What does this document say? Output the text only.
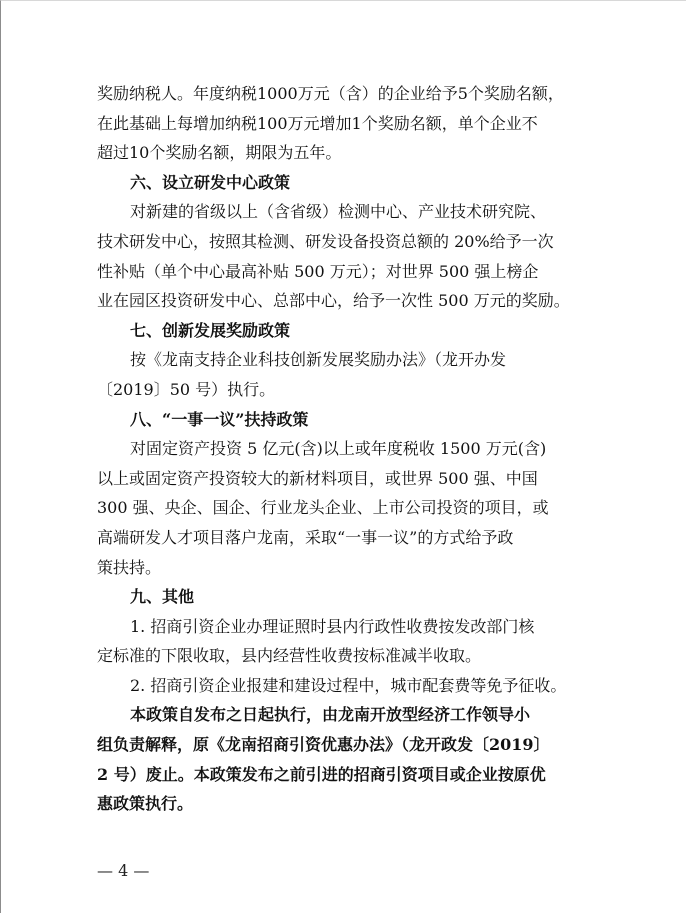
奖励纳税人。年度纳税1000万元（含）的企业给予5个奖励名额，
在此基础上每增加纳税100万元增加1个奖励名额，单个企业不
超过10个奖励名额，期限为五年。
六、设立研发中心政策
对新建的省级以上（含省级）检测中心、产业技术研究院、
技术研发中心，按照其检测、研发设备投资总额的 20%给予一次
性补贴（单个中心最高补贴 500 万元）；对世界 500 强上榜企
业在园区投资研发中心、总部中心，给予一次性 500 万元的奖励。
七、创新发展奖励政策
按《龙南支持企业科技创新发展奖励办法》（龙开办发
〔2019〕50 号）执行。
八、“一事一议”扶持政策
对固定资产投资 5 亿元(含)以上或年度税收 1500 万元(含)
以上或固定资产投资较大的新材料项目，或世界 500 强、中国
300 强、央企、国企、行业龙头企业、上市公司投资的项目，或
高端研发人才项目落户龙南，采取“一事一议”的方式给予政
策扶持。
九、其他
1. 招商引资企业办理证照时县内行政性收费按发改部门核
定标准的下限收取，县内经营性收费按标准减半收取。
2. 招商引资企业报建和建设过程中，城市配套费等免予征收。
本政策自发布之日起执行，由龙南开放型经济工作领导小
组负责解释，原《龙南招商引资优惠办法》（龙开政发〔2019〕
2 号）废止。本政策发布之前引进的招商引资项目或企业按原优
惠政策执行。
— 4 —
